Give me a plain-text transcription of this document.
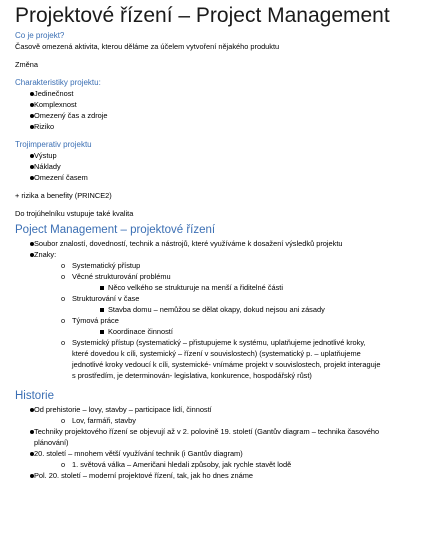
Projektové řízení – Project Management
Co je projekt?
Časově omezená aktivita, kterou děláme za účelem vytvoření nějakého produktu
Změna
Charakteristiky projektu:
Jedinečnost
Komplexnost
Omezený čas a zdroje
Riziko
Trojimperativ projektu
Výstup
Náklady
Omezení časem
+ rizika a benefity (PRINCE2)
Do trojúhelníku vstupuje také kvalita
Poject Management – projektové řízení
Soubor znalostí, dovedností, technik a nástrojů, které využíváme k dosažení výsledků projektu
Znaky:
o Systematický přístup
o Věcné strukturování problému
Něco velkého se strukturuje na menší a řiditelné části
o Strukturování v čase
Stavba domu – nemůžou se dělat okapy, dokud nejsou ani zásady
o Týmová práce
Koordinace činností
o Systemický přístup (systematický – přistupujeme k systému, uplatňujeme jednotlivé kroky, které dovedou k cíli, systemický – řízení v souvislostech) (systematický p. – uplatňujeme jednotlivé kroky vedoucí k cíli, systemické- vnímáme projekt v souvislostech, projekt interaguje s prostředím, je determinován- legislativa, konkurence, hospodářský růst)
Historie
Od prehistorie – lovy, stavby – participace lidí, činností
o Lov, farmáři, stavby
Techniky projektového řízení se objevují až v 2. polovině 19. století (Gantův diagram – technika časového plánování)
20. století – mnohem větší využívání technik (i Gantův diagram)
o 1. světová válka – Američani hledali způsoby, jak rychle stavět lodě
Pol. 20. století – moderní projektové řízení, tak, jak ho dnes známe
